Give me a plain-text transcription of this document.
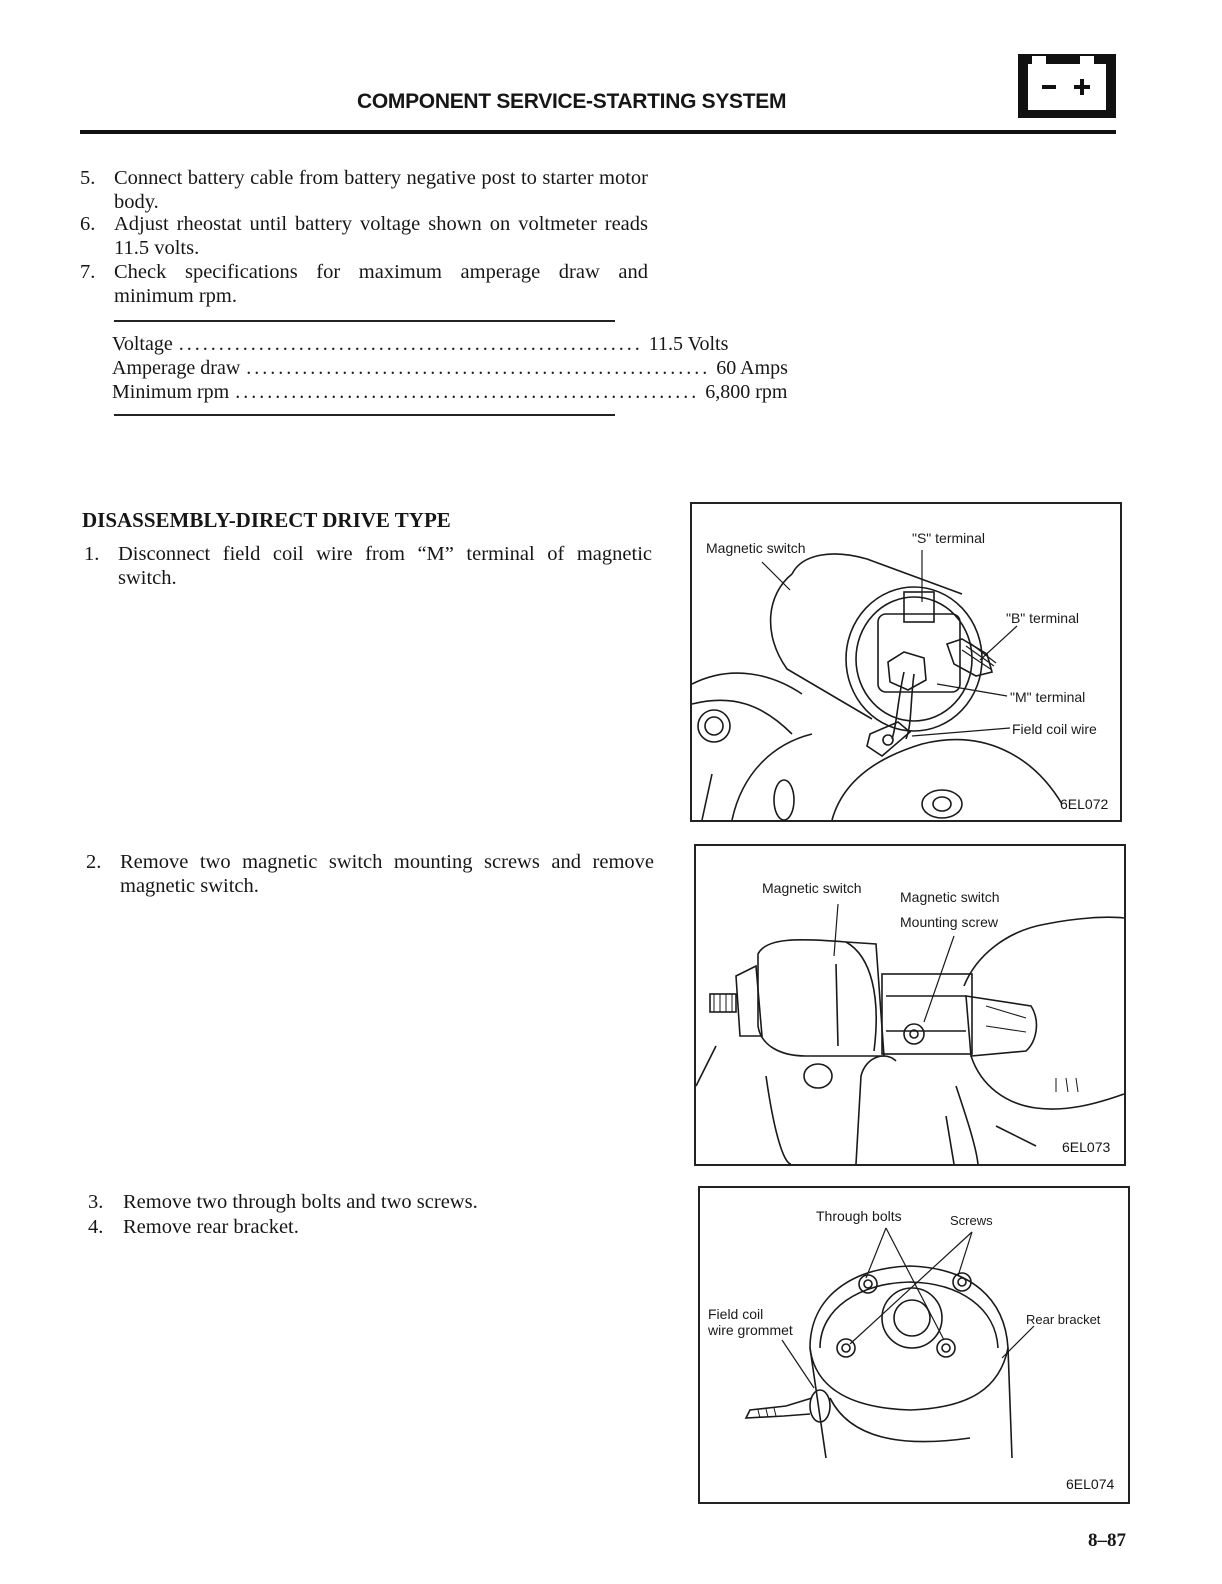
COMPONENT SERVICE-STARTING SYSTEM
5. Connect battery cable from battery negative post to starter motor body.
6. Adjust rheostat until battery voltage shown on voltmeter reads 11.5 volts.
7. Check specifications for maximum amperage draw and minimum rpm.
Voltage .......................................................... 11.5 Volts
Amperage draw .......................................................... 60 Amps
Minimum rpm .......................................................... 6,800 rpm
DISASSEMBLY-DIRECT DRIVE TYPE
1. Disconnect field coil wire from “M” terminal of magnetic switch.
Magnetic switch
"S" terminal
"B" terminal
"M" terminal
Field coil wire
6EL072
2. Remove two magnetic switch mounting screws and remove magnetic switch.	Magnetic switch
Magnetic switch
Mounting screw
6EL073
3. Remove two through bolts and two screws.
4. Remove rear bracket.	Through bolts	Screws
Field coil
wire grommet
Rear bracket
6EL074
8–87
